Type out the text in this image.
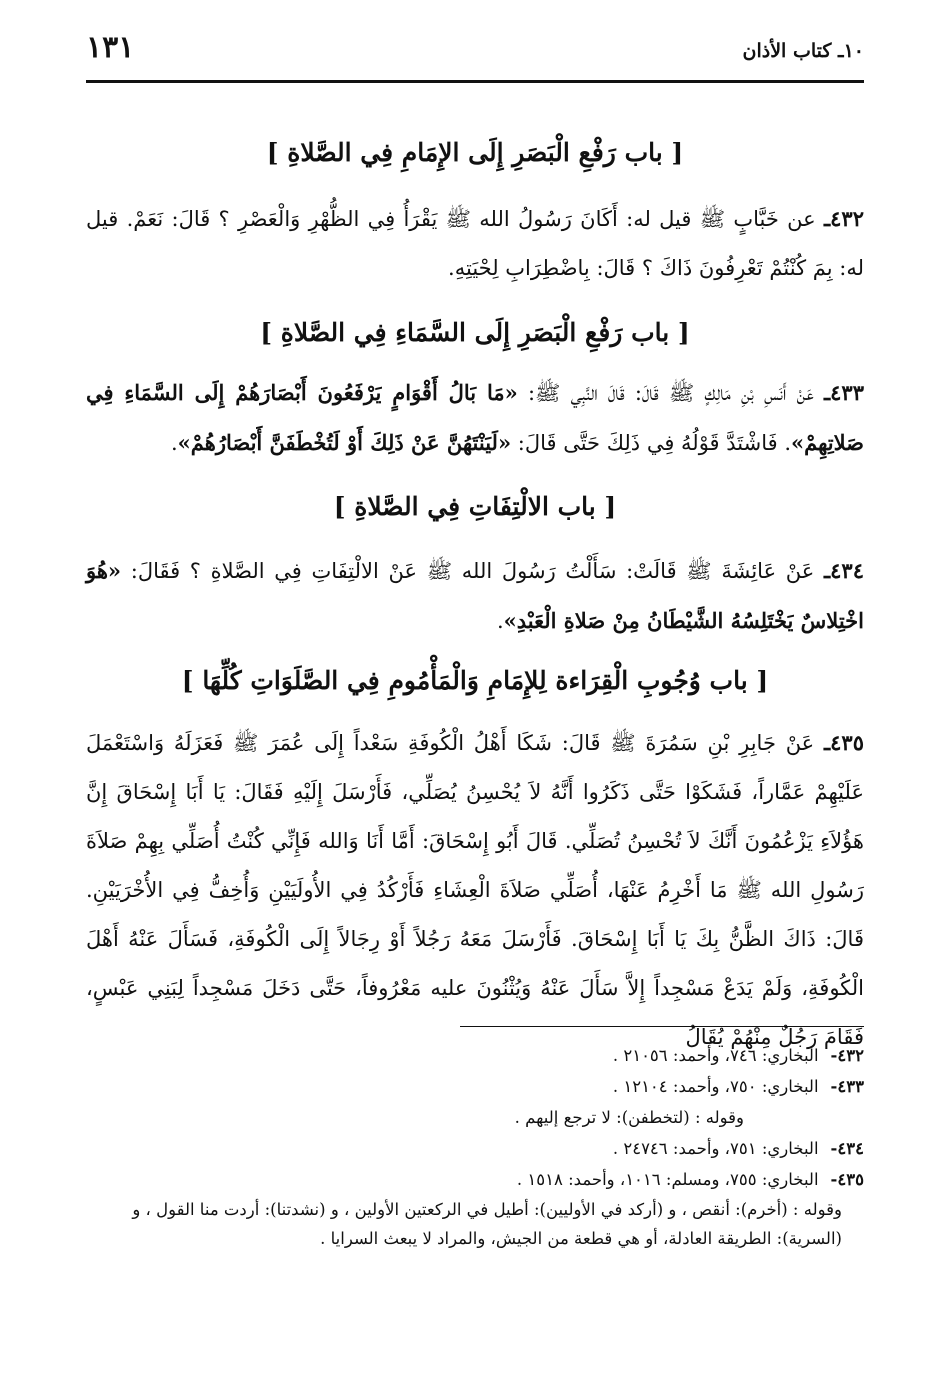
١٠ـ كتاب الأذان
١٣١
[ باب رَفْعِ الْبَصَرِ إِلَى الإِمَامِ فِي الصَّلاةِ ]
٤٣٢ـ عن خَبَّابٍ ﷺ قيل له: أَكَانَ رَسُولُ الله ﷺ يَقْرَأُ فِي الظُّهْرِ وَالْعَصْرِ ؟ قَالَ: نَعَمْ. قيل له: بِمَ كُنْتُمْ تَعْرِفُونَ ذَاكَ ؟ قَالَ: بِاضْطِرَابِ لِحْيَتِهِ.
[ باب رَفْعِ الْبَصَرِ إِلَى السَّمَاءِ فِي الصَّلاةِ ]
٤٣٣ـ عَنْ أَنَسِ بْنِ مَالِكٍ ﷺ قَالَ: قَالَ النَّبِي ﷺ: «مَا بَالُ أَقْوَامٍ يَرْفَعُونَ أَبْصَارَهُمْ إِلَى السَّمَاءِ فِي صَلاتِهِمْ». فَاشْتَدَّ قَوْلُهُ فِي ذَلِكَ حَتَّى قَالَ: «لَيَنْتَهُنَّ عَنْ ذَلِكَ أَوْ لَتُخْطَفَنَّ أَبْصَارُهُمْ».
[ باب الالْتِفَاتِ فِي الصَّلاةِ ]
٤٣٤ـ عَنْ عَائِشَةَ ﷺ قَالَتْ: سَأَلْتُ رَسُولَ الله ﷺ عَنْ الالْتِفَاتِ فِي الصَّلاةِ ؟ فَقَالَ: «هُوَ اخْتِلاسٌ يَخْتَلِسُهُ الشَّيْطَانُ مِنْ صَلاةِ الْعَبْدِ».
[ باب وُجُوبِ الْقِرَاءة لِلإِمَامِ وَالْمَأْمُومِ فِي الصَّلَوَاتِ كُلِّهَا ]
٤٣٥ـ عَنْ جَابِرِ بْنِ سَمُرَةَ ﷺ قَالَ: شَكَا أَهْلُ الْكُوفَةِ سَعْداً إِلَى عُمَرَ ﷺ فَعَزَلَهُ وَاسْتَعْمَلَ عَلَيْهِمْ عَمَّاراً، فَشَكَوْا حَتَّى ذَكَرُوا أَنَّهُ لاَ يُحْسِنُ يُصَلِّي، فَأَرْسَلَ إِلَيْهِ فَقَالَ: يَا أَبَا إِسْحَاقَ إِنَّ هَؤُلاَءِ يَزْعُمُونَ أَنَّكَ لاَ تُحْسِنُ تُصَلِّي. قَالَ أَبُو إِسْحَاقَ: أَمَّا أَنَا وَالله فَإِنِّي كُنْتُ أُصَلِّي بِهِمْ صَلاَةَ رَسُولِ الله ﷺ مَا أَخْرِمُ عَنْهَا، أُصَلِّي صَلاَةَ الْعِشَاءِ فَأَرْكُدُ فِي الأُولَيَيْنِ وَأُخِفُّ فِي الأُخْرَيَيْنِ. قَالَ: ذَاكَ الظَّنُّ بِكَ يَا أَبَا إِسْحَاقَ. فَأَرْسَلَ مَعَهُ رَجُلاً أَوْ رِجَالاً إِلَى الْكُوفَةِ، فَسَأَلَ عَنْهُ أَهْلَ الْكُوفَةِ، وَلَمْ يَدَعْ مَسْجِداً إِلاَّ سَأَلَ عَنْهُ وَيُثْنُونَ عليه مَعْرُوفاً، حَتَّى دَخَلَ مَسْجِداً لِبَنِي عَبْسٍ، فَقَامَ رَجُلٌ مِنْهُمْ يُقَالُ
٤٣٢-البخاري: ٧٤٦، وأحمد: ٢١٠٥٦ .
٤٣٣-البخاري: ٧٥٠، وأحمد: ١٢١٠٤ .
وقوله : (لتخطفن): لا ترجع إليهم .
٤٣٤-البخاري: ٧٥١، وأحمد: ٢٤٧٤٦ .
٤٣٥-البخاري: ٧٥٥، ومسلم: ١٠١٦، وأحمد: ١٥١٨ .
وقوله : (أخرم): أنقص ، و (أركد في الأوليين): أطيل في الركعتين الأولين ، و (نشدتنا): أردت منا القول ، و (السرية): الطريقة العادلة، أو هي قطعة من الجيش، والمراد لا يبعث السرايا .
